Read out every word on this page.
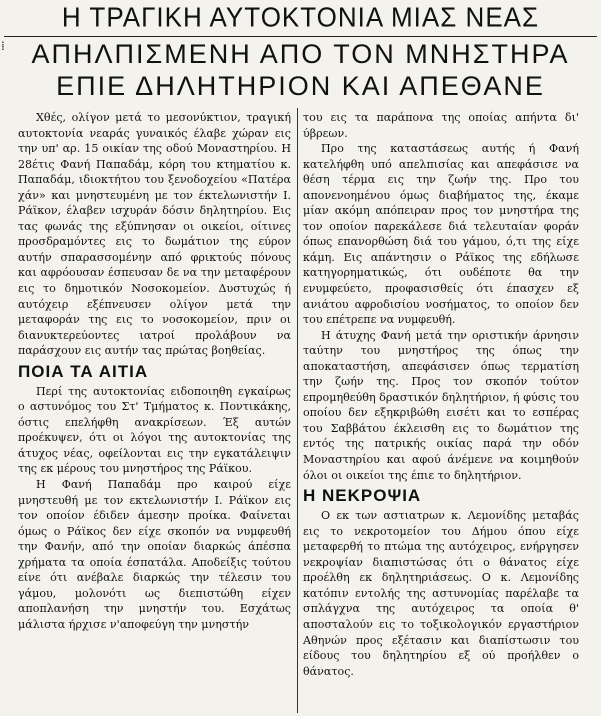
Η ΤΡΑΓΙΚΗ ΑΥΤΟΚΤΟΝΙΑ ΜΙΑΣ ΝΕΑΣ
ΑΠΗΛΠΙΣΜΕΝΗ ΑΠΟ ΤΟΝ ΜΝΗΣΤΗΡΑ
ΕΠΙΕ ΔΗΛΗΤΗΡΙΟΝ ΚΑΙ ΑΠΕΘΑΝΕ
⁞

Χθές, ολίγον μετά το μεσονύκτιον, τραγική αυτοκτονία νεαράς γυναικός έλαβε χώραν εις την υπ' αρ. 15 οικίαν της οδού Μοναστηρίου. Η 28έτις Φανή Παπαδάμ, κόρη του κτηματίου κ. Παπαδάμ, ιδιοκτήτου του ξενοδοχείου «Πατέρα χάν» και μνηστευμένη με τον έκτελωνιστήν Ι. Ράϊκον, έλαβεν ισχυράν δόσιν δηλητηρίου. Εις τας φωνάς της εξύπνησαν οι οικείοι, οίτινες προσδραμόντες εις το δωμάτιον της εύρον αυτήν σπαρασσομένην από φρικτούς πόνους και αφρόουσαν έσπευσαν δε να την μεταφέρουν εις το δημοτικόν Νοσοκομείον. Δυστυχώς ή αυτόχειρ εξέπνευσεν ολίγον μετά την μεταφοράν της εις το νοσοκομείον, πριν οι διανυκτερεύοντες ιατροί προλάβουν να παράσχουν εις αυτήν τας πρώτας βοηθείας.

ΠΟΙΑ ΤΑ ΑΙΤΙΑ

Περί της αυτοκτονίας ειδοποιηθη εγκαίρως ο αστυνόμος του Στ' Τμήματος κ. Ποντικάκης, όστις επελήφθη ανακρίσεων. Έξ αυτών προέκυψεν, ότι οι λόγοι της αυτοκτονίας της άτυχος νέας, οφείλονται εις την εγκατάλειψιν της εκ μέρους του μνηστήρος της Ράϊκου.

Η Φανή Παπαδάμ προ καιρού είχε μνηστευθή με τον εκτελωνιστήν Ι. Ράϊκον εις τον οποίον έδιδεν άμεσην προίκα. Φαίνεται όμως ο Ράϊκος δεν είχε σκοπόν να νυμφευθή την Φανήν, από την οποίαν διαρκώς άπέσπα χρήματα τα οποία έσπατάλα. Αποδείξις τούτου είνε ότι ανέβαλε διαρκώς την τέλεσιν του γάμου, μολονότι ως διεπιστώθη είχεν αποπλανήση την μνηστήν του. Εσχάτως μάλιστα ήρχισε ν'αποφεύγη την μνηστήν

του εις τα παράπονα της οποίας απήντα δι' ύβρεων.

Προ της καταστάσεως αυτής ή Φανή κατελήφθη υπό απελπισίας και απεφάσισε να θέση τέρμα εις την ζωήν της. Προ του απονενοημένου όμως διαβήματος της, έκαμε μίαν ακόμη απόπειραν προς τον μνηστήρα της τον οποίον παρεκάλεσε διά τελευταίαν φοράν όπως επανορθώση διά του γάμου, ό,τι της είχε κάμη. Εις απάντησιν ο Ράϊκος της εδήλωσε κατηγορηματικώς, ότι ουδέποτε θα την ενυμφεύετο, προφασισθείς ότι έπασχεν εξ ανιάτου αφροδισίου νοσήματος, το οποίον δεν του επέτρεπε να νυμφευθή.

Η άτυχης Φανή μετά την οριστικήν άρνησιν ταύτην του μνηστήρος της όπως την αποκαταστήση, απεφάσισεν όπως τερματίση την ζωήν της. Προς τον σκοπόν τούτον επρομηθεύθη δραστικόν δηλητήριον, ή φύσις του οποίου δεν εξηκριβώθη εισέτι και το εσπέρας του Σαββάτου έκλεισθη εις το δωμάτιον της εντός της πατρικής οικίας παρά την οδόν Μοναστηρίου και αφού άνέμενε να κοιμηθούν όλοι οι οικείοι της έπιε το δηλητήριον.

Η ΝΕΚΡΟΨΙΑ

Ο εκ των αστιατρων κ. Λεμονίδης μεταβάς εις το νεκροτομείον του Δήμου όπου είχε μεταφερθή το πτώμα της αυτόχειρος, ενήργησεν νεκροψίαν διαπιστώσας ότι ο θάνατος είχε προέλθη εκ δηλητηριάσεως. Ο κ. Λεμονίδης κατόπιν εντολής της αστυνομίας παρέλαβε τα σπλάγχνα της αυτόχειρος τα οποία θ' αποσταλούν εις το τοξικολογικόν εργαστήριον Αθηνών προς εξέτασιν και διαπίστωσιν του είδους του δηλητηρίου εξ ού προήλθεν ο θάνατος.
